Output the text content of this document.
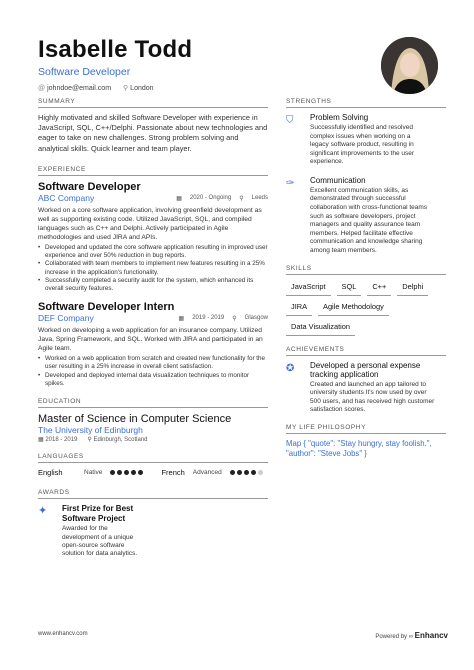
Isabelle Todd
Software Developer
@ johndoe@email.com ⚲ London
SUMMARY
Highly motivated and skilled Software Developer with experience in JavaScript, SQL, C++/Delphi. Passionate about new technologies and eager to take on new challenges. Strong problem solving and analytical skills. Quick learner and team player.
EXPERIENCE
Software Developer
ABC Company	▦ 2020 - Ongoing ⚲ Leeds
Worked on a core software application, involving greenfield development as well as supporting existing code. Utilized JavaScript, SQL, and compiled languages such as C++ and Delphi. Actively participated in Agile methodologies and used JIRA and APIs.
• Developed and updated the core software application resulting in improved user experience and over 50% reduction in bug reports.
• Collaborated with team members to implement new features resulting in a 25% increase in the application's functionality.
• Successfully completed a security audit for the system, which enhanced its overall security features.
Software Developer Intern
DEF Company	▦ 2019 - 2019 ⚲ Glasgow
Worked on developing a web application for an insurance company. Utilized Java, Spring Framework, and SQL. Worked with JIRA and participated in an Agile team.
• Worked on a web application from scratch and created new functionality for the user resulting in a 25% increase in overall client satisfaction.
• Developed and deployed internal data visualization techniques to monitor spikes.
EDUCATION
Master of Science in Computer Science
The University of Edinburgh
▦ 2018 - 2019 ⚲ Edinburgh, Scotland
LANGUAGES
English	Native	French Advanced
AWARDS
✦	First Prize for Best Software Project
Awarded for the development of a unique open-source software solution for data analytics.
STRENGTHS
⛉	Problem Solving
Successfully identified and resolved complex issues when working on a legacy software product, resulting in significant improvements to the user experience.
✑	Communication
Excellent communication skills, as demonstrated through successful collaboration with cross-functional teams such as software developers, project managers and quality assurance team members. Helped facilitate effective communication and knowledge sharing among team members.
SKILLS
JavaScript	SQL	C++	Delphi
JIRA	Agile Methodology
Data Visualization
ACHIEVEMENTS
✪	Developed a personal expense tracking application
Created and launched an app tailored to university students It's now used by over 500 users, and has received high customer satisfaction scores.
MY LIFE PHILOSOPHY
Map { "quote": "Stay hungry, stay foolish.", "author": "Steve Jobs" }
www.enhancv.com	Powered by ∞ Enhancv
